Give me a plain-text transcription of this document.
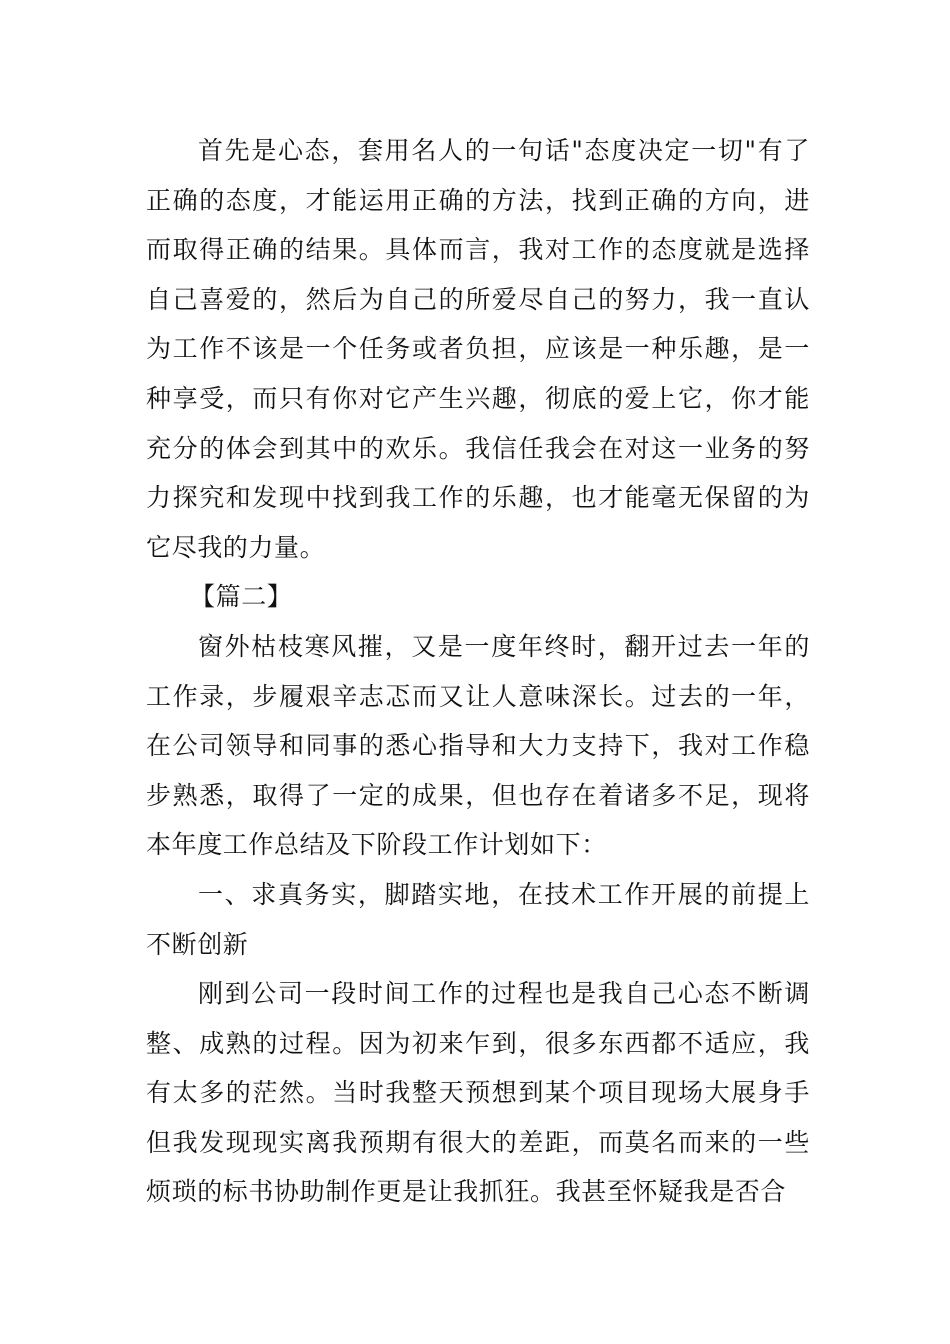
首先是心态，套用名人的一句话"态度决定一切"有了正确的态度，才能运用正确的方法，找到正确的方向，进而取得正确的结果。具体而言，我对工作的态度就是选择自己喜爱的，然后为自己的所爱尽自己的努力，我一直认为工作不该是一个任务或者负担，应该是一种乐趣，是一种享受，而只有你对它产生兴趣，彻底的爱上它，你才能充分的体会到其中的欢乐。我信任我会在对这一业务的努力探究和发现中找到我工作的乐趣，也才能毫无保留的为它尽我的力量。

【篇二】

窗外枯枝寒风摧，又是一度年终时，翻开过去一年的工作录，步履艰辛志忑而又让人意味深长。过去的一年，在公司领导和同事的悉心指导和大力支持下，我对工作稳步熟悉，取得了一定的成果，但也存在着诸多不足，现将本年度工作总结及下阶段工作计划如下：

一、求真务实，脚踏实地，在技术工作开展的前提上不断创新

刚到公司一段时间工作的过程也是我自己心态不断调整、成熟的过程。因为初来乍到，很多东西都不适应，我有太多的茫然。当时我整天预想到某个项目现场大展身手但我发现现实离我预期有很大的差距，而莫名而来的一些烦琐的标书协助制作更是让我抓狂。我甚至怀疑我是否合
